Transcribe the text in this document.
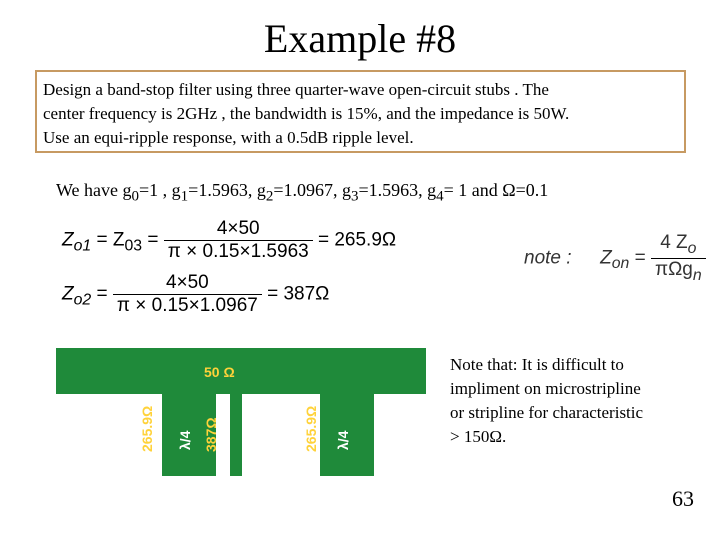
Example #8
Design a band-stop filter using three quarter-wave open-circuit stubs . The
center frequency is 2GHz , the bandwidth is 15%, and the impedance is 50W.
Use an equi-ripple response, with a 0.5dB ripple level.
We have $g_0=1$ , $g_1=1.5963$, $g_2=1.0967$, $g_3=1.5963$, $g_4= 1$ and Ω=0.1
$Z_{o1} = Z_{03} = \frac{4\times 50}{\pi \times 0.15\times 1.5963} = 265.9\Omega$
$Z_{o2} = \frac{4\times 50}{\pi \times 0.15\times 1.0967} = 387\Omega$
note : $Z_{on} = \frac{4 Z_o}{\pi\Omega g_n}$
50 Ω
265.9Ω λ/4 387Ω λ/4	265.9Ω λ/4
Note that: It is difficult to
impliment on microstripline
or stripline for characteristic
> 150Ω.
63
